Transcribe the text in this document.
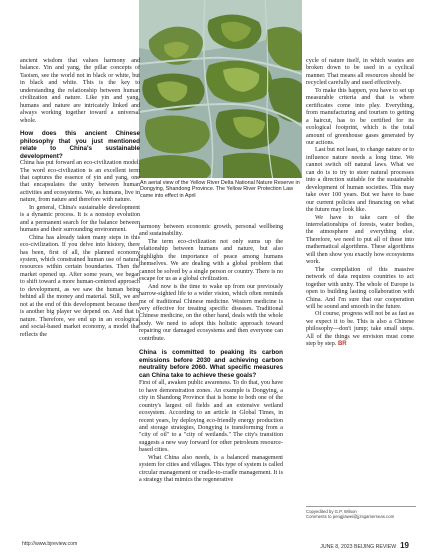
An aerial view of the Yellow River Delta National Nature Reserve in Dongying, Shandong Province. The Yellow River Protection Law came into effect in April

ancient wisdom that values harmony and balance. Yin and yang, the pillar concepts of Taoism, see the world not in black or white, but in black and white. This is the key to understanding the relationship between human civilization and nature. Like yin and yang, humans and nature are intricately linked and always working together toward a universal whole.

How does this ancient Chinese philosophy that you just mentioned relate to China's sustainable development?

China has put forward an eco-civilization model. The word eco-civilization is an excellent term that captures the essence of yin and yang, one that encapsulates the unity between human activities and ecosystems. We, as humans, live in nature, from nature and therefore with nature.

In general, China's sustainable development is a dynamic process. It is a nonstop evolution and a permanent search for the balance between humans and their surrounding environment.

China has already taken many steps in this eco-civilization. If you delve into history, there has been, first of all, the planned economy system, which constrained human use of natural resources within certain boundaries. Then the market opened up. After some years, we began to shift toward a more human-centered approach to development, as we saw the human being behind all the money and material. Still, we are not at the end of this development because there is another big player we depend on. And that is nature. Therefore, we end up in an ecological and social-based market economy, a model that reflects the

harmony between economic growth, personal wellbeing and sustainability.

The term eco-civilization not only sums up the relationship between humans and nature, but also highlights the importance of peace among humans themselves. We are dealing with a global problem that cannot be solved by a single person or country. There is no escape for us as a global civilization.

And now is the time to wake up from our previously narrow-sighted life to a wider vision, which often reminds me of traditional Chinese medicine. Western medicine is very effective for treating specific diseases. Traditional Chinese medicine, on the other hand, deals with the whole body. We need to adopt this holistic approach toward repairing our damaged ecosystems and then everyone can contribute.

China is committed to peaking its carbon emissions before 2030 and achieving carbon neutrality before 2060. What specific measures can China take to achieve these goals?

First of all, awaken public awareness. To do that, you have to have demonstration zones. An example is Dongying, a city in Shandong Province that is home to both one of the country's largest oil fields and an extensive wetland ecosystem. According to an article in Global Times, in recent years, by deploying eco-friendly energy production and storage strategies, Dongying is transforming from a "city of oil" to a "city of wetlands." The city's transition suggests a new way forward for other petroleum resource-based cities.

What China also needs, is a balanced management system for cities and villages. This type of system is called circular management or cradle-to-cradle management. It is a strategy that mimics the regenerative

cycle of nature itself, in which wastes are broken down to be used in a cyclical manner. That means all resources should be recycled carefully and used effectively.

To make this happen, you have to set up measurable criteria and that is where certificates come into play. Everything, from manufacturing and tourism to getting a haircut, has to be certified for its ecological footprint, which is the total amount of greenhouse gases generated by our actions.

Last but not least, to change nature or to influence nature needs a long time. We cannot switch off natural laws. What we can do is to try to steer natural processes into a direction suitable for the sustainable development of human societies. This may take over 100 years. But we have to base our current policies and financing on what the future may look like.

We have to take care of the interrelationships of forests, water bodies, the atmosphere and everything else. Therefore, we need to put all of these into mathematical algorithms. These algorithms will then show you exactly how ecosystems work.

The compilation of this massive network of data requires countries to act together with unity. The whole of Europe is open to building lasting collaboration with China. And I'm sure that our cooperation will be sound and smooth in the future.

Of course, progress will not be as fast as we expect it to be. This is also a Chinese philosophy—don't jump; take small steps. All of the things we envision must come step by step. BR

Copyedited by G.P. Wilson
Comments to pengjiawei@jjzsgamerseas.com
http://www.bjreview.com	JUNE 8, 2023 BEIJING REVIEW 19
